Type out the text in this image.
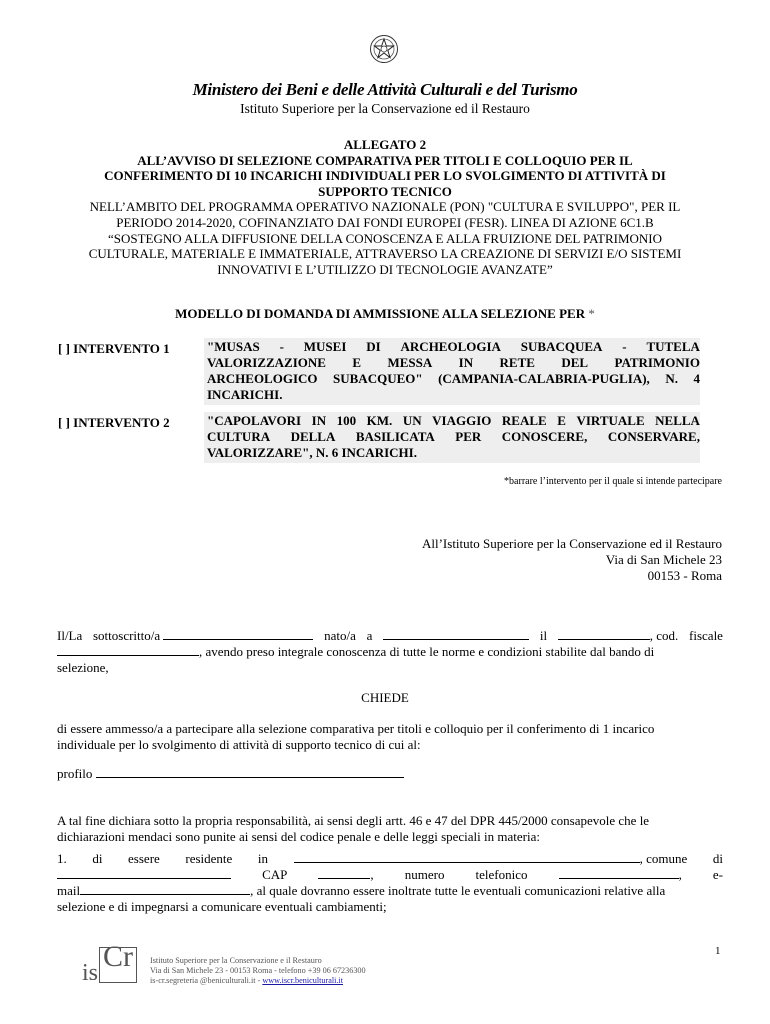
Ministero dei Beni e delle Attività Culturali e del Turismo
Istituto Superiore per la Conservazione ed il Restauro
ALLEGATO 2
ALL’AVVISO DI SELEZIONE COMPARATIVA PER TITOLI E COLLOQUIO PER IL
CONFERIMENTO DI 10 INCARICHI INDIVIDUALI PER LO SVOLGIMENTO DI ATTIVITÀ DI
SUPPORTO TECNICO
NELL’AMBITO DEL PROGRAMMA OPERATIVO NAZIONALE (PON) "CULTURA E SVILUPPO", PER IL
PERIODO 2014-2020, COFINANZIATO DAI FONDI EUROPEI (FESR). LINEA DI AZIONE 6C1.B
“SOSTEGNO ALLA DIFFUSIONE DELLA CONOSCENZA E ALLA FRUIZIONE DEL PATRIMONIO
CULTURALE, MATERIALE E IMMATERIALE, ATTRAVERSO LA CREAZIONE DI SERVIZI E/O SISTEMI
INNOVATIVI E L’UTILIZZO DI TECNOLOGIE AVANZATE”
MODELLO DI DOMANDA DI AMMISSIONE ALLA SELEZIONE PER *
[ ] INTERVENTO 1	"MUSAS - MUSEI DI ARCHEOLOGIA SUBACQUEA - TUTELA
VALORIZZAZIONE E MESSA IN RETE DEL PATRIMONIO
ARCHEOLOGICO SUBACQUEO" (CAMPANIA-CALABRIA-PUGLIA), N. 4
INCARICHI.
[ ] INTERVENTO 2	"CAPOLAVORI IN 100 KM. UN VIAGGIO REALE E VIRTUALE NELLA
CULTURA DELLA BASILICATA PER CONOSCERE, CONSERVARE,
VALORIZZARE", N. 6 INCARICHI.
*barrare l’intervento per il quale si intende partecipare
All’Istituto Superiore per la Conservazione ed il Restauro
Via di San Michele 23
00153 - Roma
Il/La sottoscritto/a	nato/a a	il	, cod. fiscale
, avendo preso integrale conoscenza di tutte le norme e condizioni stabilite dal bando di
selezione,
CHIEDE
di essere ammesso/a a partecipare alla selezione comparativa per titoli e colloquio per il conferimento di 1 incarico
individuale per lo svolgimento di attività di supporto tecnico di cui al:
profilo
A tal fine dichiara sotto la propria responsabilità, ai sensi degli artt. 46 e 47 del DPR 445/2000 consapevole che le
dichiarazioni mendaci sono punite ai sensi del codice penale e delle leggi speciali in materia:
1. di essere residente in	, comune di
CAP	, numero telefonico	, e-
mail	, al quale dovranno essere inoltrate tutte le eventuali comunicazioni relative alla
selezione e di impegnarsi a comunicare eventuali cambiamenti;
1
is Cr Istituto Superiore per la Conservazione e il Restauro
Via di San Michele 23 - 00153 Roma - telefono +39 06 67236300
is-cr.segreteria @beniculturali.it - www.iscr.beniculturali.it
